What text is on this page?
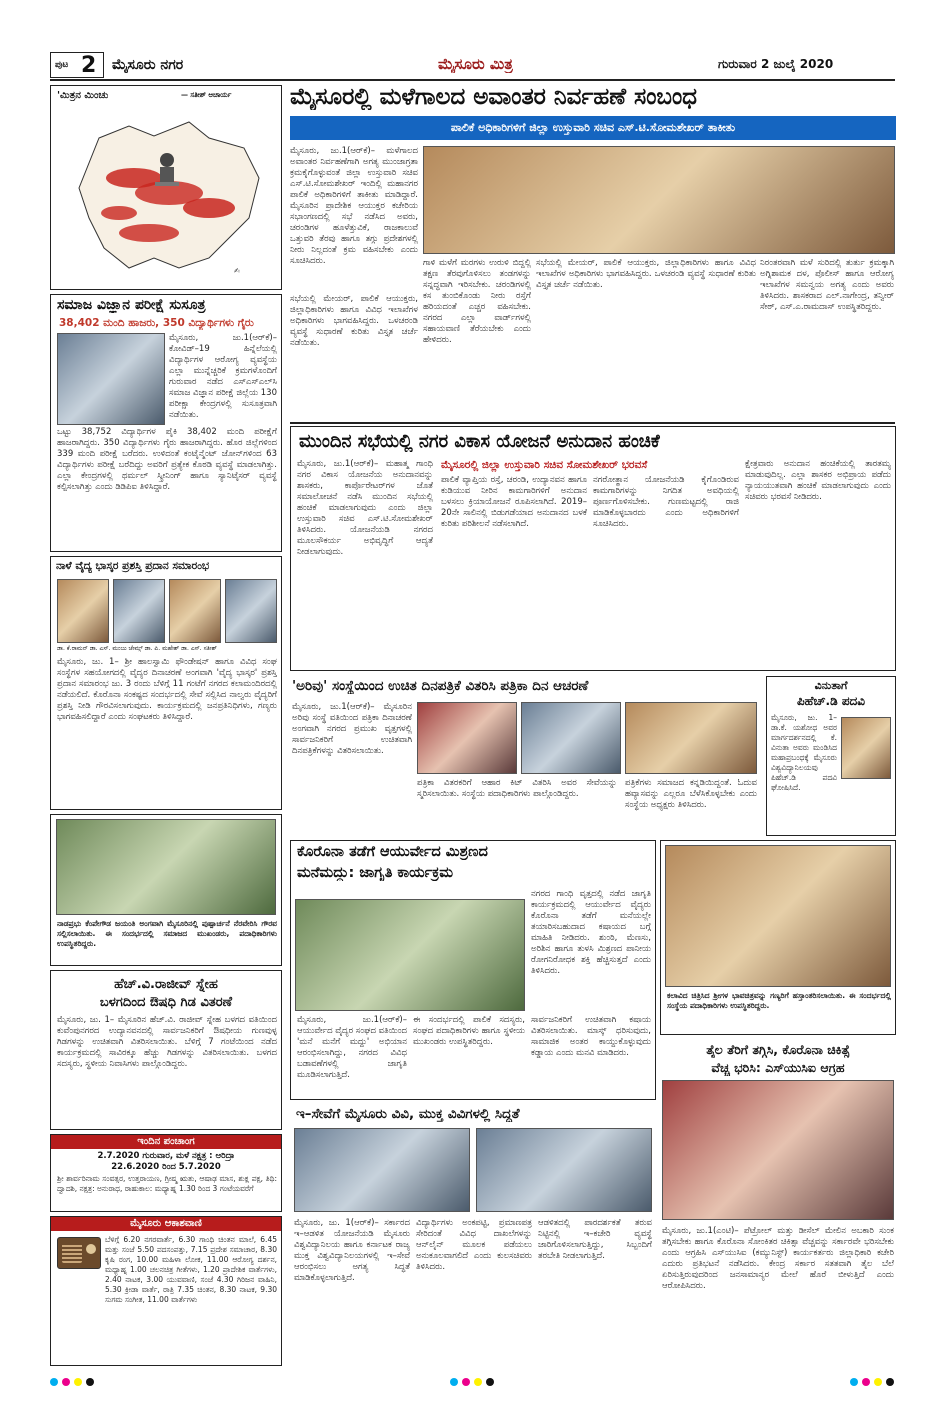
ಪುಟ 2 ಮೈಸೂರು ನಗರ	ಮೈಸೂರು ಮಿತ್ರ	ಗುರುವಾರ 2 ಜುಲೈ 2020
'ಮಿತ್ರನ ಮಿಂಚು	— ಸತೀಶ್ ಆಚಾರ್ಯ
✍
ಸಮಾಜ ವಿಜ್ಞಾನ ಪರೀಕ್ಷೆ ಸುಸೂತ್ರ
38,402 ಮಂದಿ ಹಾಜರು, 350 ವಿದ್ಯಾರ್ಥಿಗಳು ಗೈರು
ಮೈಸೂರು, ಜು.1(ಆರ್‌ಕೆ)– ಕೋವಿಡ್–19 ಹಿನ್ನೆಲೆಯಲ್ಲಿ ವಿದ್ಯಾರ್ಥಿಗಳ ಆರೋಗ್ಯ ವ್ಯವಸ್ಥೆಯ ಎಲ್ಲಾ ಮುನ್ನೆಚ್ಚರಿಕೆ ಕ್ರಮಗಳೊಂದಿಗೆ ಗುರುವಾರ ನಡೆದ ಎಸ್‌ಎಸ್‌ಎಲ್‌ಸಿ ಸಮಾಜ ವಿಜ್ಞಾನ ಪರೀಕ್ಷೆ ಜಿಲ್ಲೆಯ 130 ಪರೀಕ್ಷಾ ಕೇಂದ್ರಗಳಲ್ಲಿ ಸುಸೂತ್ರವಾಗಿ ನಡೆಯಿತು.
ಒಟ್ಟು 38,752 ವಿದ್ಯಾರ್ಥಿಗಳ ಪೈಕಿ 38,402 ಮಂದಿ ಪರೀಕ್ಷೆಗೆ ಹಾಜರಾಗಿದ್ದರು. 350 ವಿದ್ಯಾರ್ಥಿಗಳು ಗೈರು ಹಾಜರಾಗಿದ್ದರು. ಹೊರ ಜಿಲ್ಲೆಗಳಿಂದ 339 ಮಂದಿ ಪರೀಕ್ಷೆ ಬರೆದರು. ಉಳಿದಂತೆ ಕಂಟೈನ್ಮೆಂಟ್ ಜೋನ್‌ಗಳಿಂದ 63 ವಿದ್ಯಾರ್ಥಿಗಳು ಪರೀಕ್ಷೆ ಬರೆದಿದ್ದು ಅವರಿಗೆ ಪ್ರತ್ಯೇಕ ಕೊಠಡಿ ವ್ಯವಸ್ಥೆ ಮಾಡಲಾಗಿತ್ತು. ಎಲ್ಲಾ ಕೇಂದ್ರಗಳಲ್ಲಿ ಥರ್ಮಲ್ ಸ್ಕ್ರೀನಿಂಗ್ ಹಾಗೂ ಸ್ಯಾನಿಟೈಸರ್ ವ್ಯವಸ್ಥೆ ಕಲ್ಪಿಸಲಾಗಿತ್ತು ಎಂದು ಡಿಡಿಪಿಐ ತಿಳಿಸಿದ್ದಾರೆ.
ನಾಳೆ ವೈದ್ಯ ಭಾಸ್ಕರ ಪ್ರಶಸ್ತಿ ಪ್ರದಾನ ಸಮಾರಂಭ
ಡಾ. ಕೆ.ರಾಮನ್ ಡಾ. ಎಸ್. ಮಂಜು ಜೇಮ್ಸ್ ಡಾ. ಪಿ. ಮಹೇಶ್ ಡಾ. ಎಸ್. ಸತೀಶ್
ಮೈಸೂರು, ಜು. 1– ಶ್ರೀ ಹಾಲಸ್ವಾಮಿ ಫೌಂಡೇಷನ್ ಹಾಗೂ ವಿವಿಧ ಸಂಘ ಸಂಸ್ಥೆಗಳ ಸಹಯೋಗದಲ್ಲಿ ವೈದ್ಯರ ದಿನಾಚರಣೆ ಅಂಗವಾಗಿ 'ವೈದ್ಯ ಭಾಸ್ಕರ' ಪ್ರಶಸ್ತಿ ಪ್ರದಾನ ಸಮಾರಂಭ ಜು. 3 ರಂದು ಬೆಳಿಗ್ಗೆ 11 ಗಂಟೆಗೆ ನಗರದ ಕಲಾಮಂದಿರದಲ್ಲಿ ನಡೆಯಲಿದೆ. ಕೊರೊನಾ ಸಂಕಷ್ಟದ ಸಂದರ್ಭದಲ್ಲಿ ಸೇವೆ ಸಲ್ಲಿಸಿದ ನಾಲ್ವರು ವೈದ್ಯರಿಗೆ ಪ್ರಶಸ್ತಿ ನೀಡಿ ಗೌರವಿಸಲಾಗುವುದು. ಕಾರ್ಯಕ್ರಮದಲ್ಲಿ ಜನಪ್ರತಿನಿಧಿಗಳು, ಗಣ್ಯರು ಭಾಗವಹಿಸಲಿದ್ದಾರೆ ಎಂದು ಸಂಘಟಕರು ತಿಳಿಸಿದ್ದಾರೆ.
ನಾಡಪ್ರಭು ಕೆಂಪೇಗೌಡ ಜಯಂತಿ ಅಂಗವಾಗಿ ಮೈಸೂರಿನಲ್ಲಿ ಪುಷ್ಪಾರ್ಚನೆ ನೆರವೇರಿಸಿ ಗೌರವ ಸಲ್ಲಿಸಲಾಯಿತು. ಈ ಸಂದರ್ಭದಲ್ಲಿ ಸಮಾಜದ ಮುಖಂಡರು, ಪದಾಧಿಕಾರಿಗಳು ಉಪಸ್ಥಿತರಿದ್ದರು.
ಹೆಚ್.ವಿ.ರಾಜೀವ್ ಸ್ನೇಹ
ಬಳಗದಿಂದ ಔಷಧಿ ಗಿಡ ವಿತರಣೆ
ಮೈಸೂರು, ಜು. 1– ಮೈಸೂರಿನ ಹೆಚ್.ವಿ. ರಾಜೀವ್ ಸ್ನೇಹ ಬಳಗದ ವತಿಯಿಂದ ಕುವೆಂಪುನಗರದ ಉದ್ಯಾನವನದಲ್ಲಿ ಸಾರ್ವಜನಿಕರಿಗೆ ಔಷಧೀಯ ಗುಣವುಳ್ಳ ಗಿಡಗಳನ್ನು ಉಚಿತವಾಗಿ ವಿತರಿಸಲಾಯಿತು. ಬೆಳಿಗ್ಗೆ 7 ಗಂಟೆಯಿಂದ ನಡೆದ ಕಾರ್ಯಕ್ರಮದಲ್ಲಿ ಸಾವಿರಕ್ಕೂ ಹೆಚ್ಚು ಗಿಡಗಳನ್ನು ವಿತರಿಸಲಾಯಿತು. ಬಳಗದ ಸದಸ್ಯರು, ಸ್ಥಳೀಯ ನಿವಾಸಿಗಳು ಪಾಲ್ಗೊಂಡಿದ್ದರು.
ಇಂದಿನ ಪಂಚಾಂಗ
2.7.2020 ಗುರುವಾರ, ಮಳೆ ನಕ್ಷತ್ರ : ಆರಿದ್ರಾ
22.6.2020 ರಿಂದ 5.7.2020
ಶ್ರೀ ಶಾರ್ವರಿನಾಮ ಸಂವತ್ಸರ, ಉತ್ತರಾಯಣ, ಗ್ರೀಷ್ಮ ಋತು, ಆಷಾಢ ಮಾಸ, ಶುಕ್ಲ ಪಕ್ಷ, ತಿಥಿ: ದ್ವಾದಶಿ, ನಕ್ಷತ್ರ: ಅನುರಾಧ, ರಾಹುಕಾಲ: ಮಧ್ಯಾಹ್ನ 1.30 ರಿಂದ 3 ಗಂಟೆಯವರೆಗೆ
ಮೈಸೂರು ಆಕಾಶವಾಣಿ
ಬೆಳಿಗ್ಗೆ 6.20 ನಗರವಾರ್ತೆ, 6.30 ಗಾಂಧಿ ಚಿಂತನ ಮಾಲೆ, 6.45 ಮತ್ತು ಸಂಜೆ 5.50 ಪದಸಂಪತ್ತು, 7.15 ಪ್ರದೇಶ ಸಮಾಚಾರ, 8.30 ಕೃಷಿ ರಂಗ, 10.00 ಮಹಿಳಾ ಲೋಕ, 11.00 ಆರೋಗ್ಯ ದರ್ಶನ, ಮಧ್ಯಾಹ್ನ 1.00 ಚಲನಚಿತ್ರ ಗೀತೆಗಳು, 1.20 ಪ್ರಾದೇಶಿಕ ವಾರ್ತೆಗಳು, 2.40 ನಾಟಕ, 3.00 ಯುವವಾಣಿ, ಸಂಜೆ 4.30 ಗಿರಿಜನ ವಾಹಿನಿ, 5.30 ಕ್ರೀಡಾ ವಾರ್ತೆ, ರಾತ್ರಿ 7.35 ಚಿಂತನ, 8.30 ನಾಟಕ, 9.30 ಸುಗಮ ಸಂಗೀತ, 11.00 ವಾರ್ತೆಗಳು
ಮೈಸೂರಲ್ಲಿ ಮಳೆಗಾಲದ ಅವಾಂತರ ನಿರ್ವಹಣೆ ಸಂಬಂಧ
ಪಾಲಿಕೆ ಅಧಿಕಾರಿಗಳಿಗೆ ಜಿಲ್ಲಾ ಉಸ್ತುವಾರಿ ಸಚಿವ ಎಸ್.ಟಿ.ಸೋಮಶೇಖರ್ ತಾಕೀತು
ಮೈಸೂರು, ಜು.1(ಆರ್‌ಕೆ)– ಮಳೆಗಾಲದ ಅವಾಂತರ ನಿರ್ವಹಣೆಗಾಗಿ ಅಗತ್ಯ ಮುಂಜಾಗ್ರತಾ ಕ್ರಮಕೈಗೊಳ್ಳುವಂತೆ ಜಿಲ್ಲಾ ಉಸ್ತುವಾರಿ ಸಚಿವ ಎಸ್.ಟಿ.ಸೋಮಶೇಖರ್ ಇಂದಿಲ್ಲಿ ಮಹಾನಗರ ಪಾಲಿಕೆ ಅಧಿಕಾರಿಗಳಿಗೆ ತಾಕೀತು ಮಾಡಿದ್ದಾರೆ. ಮೈಸೂರಿನ ಪ್ರಾದೇಶಿಕ ಆಯುಕ್ತರ ಕಚೇರಿಯ ಸಭಾಂಗಣದಲ್ಲಿ ಸಭೆ ನಡೆಸಿದ ಅವರು, ಚರಂಡಿಗಳ ಹೂಳೆತ್ತುವಿಕೆ, ರಾಜಕಾಲುವೆ ಒತ್ತುವರಿ ತೆರವು ಹಾಗೂ ತಗ್ಗು ಪ್ರದೇಶಗಳಲ್ಲಿ ನೀರು ನಿಲ್ಲದಂತೆ ಕ್ರಮ ವಹಿಸಬೇಕು ಎಂದು ಸೂಚಿಸಿದರು.	ಗಾಳಿ ಮಳೆಗೆ ಮರಗಳು ಉರುಳಿ ಬಿದ್ದಲ್ಲಿ ತಕ್ಷಣ ತೆರವುಗೊಳಿಸಲು ತಂಡಗಳನ್ನು ಸನ್ನದ್ಧವಾಗಿ ಇರಿಸಬೇಕು. ಚರಂಡಿಗಳಲ್ಲಿ ಕಸ ತುಂಬಿಕೊಂಡು ನೀರು ರಸ್ತೆಗೆ ಹರಿಯದಂತೆ ಎಚ್ಚರ ವಹಿಸಬೇಕು. ನಗರದ ಎಲ್ಲಾ ವಾರ್ಡ್‌ಗಳಲ್ಲಿ ಸಹಾಯವಾಣಿ ತೆರೆಯಬೇಕು ಎಂದು ಹೇಳಿದರು.
ಸಭೆಯಲ್ಲಿ ಮೇಯರ್, ಪಾಲಿಕೆ ಆಯುಕ್ತರು, ಜಿಲ್ಲಾಧಿಕಾರಿಗಳು ಹಾಗೂ ವಿವಿಧ ಇಲಾಖೆಗಳ ಅಧಿಕಾರಿಗಳು ಭಾಗವಹಿಸಿದ್ದರು. ಒಳಚರಂಡಿ ವ್ಯವಸ್ಥೆ ಸುಧಾರಣೆ ಕುರಿತು ವಿಸ್ತೃತ ಚರ್ಚೆ ನಡೆಯಿತು.
ನಿರಂತರವಾಗಿ ಮಳೆ ಸುರಿದಲ್ಲಿ ತುರ್ತು ಕ್ರಮಕ್ಕಾಗಿ ಅಗ್ನಿಶಾಮಕ ದಳ, ಪೊಲೀಸ್ ಹಾಗೂ ಆರೋಗ್ಯ ಇಲಾಖೆಗಳ ಸಮನ್ವಯ ಅಗತ್ಯ ಎಂದು ಅವರು ತಿಳಿಸಿದರು. ಶಾಸಕರಾದ ಎಲ್.ನಾಗೇಂದ್ರ, ತನ್ವೀರ್ ಸೇಠ್, ಎಸ್.ಎ.ರಾಮದಾಸ್ ಉಪಸ್ಥಿತರಿದ್ದರು.
ಸಭೆಯಲ್ಲಿ ಮೇಯರ್, ಪಾಲಿಕೆ ಆಯುಕ್ತರು, ಜಿಲ್ಲಾಧಿಕಾರಿಗಳು ಹಾಗೂ ವಿವಿಧ ಇಲಾಖೆಗಳ ಅಧಿಕಾರಿಗಳು ಭಾಗವಹಿಸಿದ್ದರು. ಒಳಚರಂಡಿ ವ್ಯವಸ್ಥೆ ಸುಧಾರಣೆ ಕುರಿತು ವಿಸ್ತೃತ ಚರ್ಚೆ ನಡೆಯಿತು.
ಮುಂದಿನ ಸಭೆಯಲ್ಲಿ ನಗರ ವಿಕಾಸ ಯೋಜನೆ ಅನುದಾನ ಹಂಚಿಕೆ
ಮೈಸೂರು, ಜು.1(ಆರ್‌ಕೆ)– ಮಹಾತ್ಮ ಗಾಂಧಿ ನಗರ ವಿಕಾಸ ಯೋಜನೆಯ ಅನುದಾನವನ್ನು ಶಾಸಕರು, ಕಾರ್ಪೊರೇಟರ್‌ಗಳ ಜೊತೆ ಸಮಾಲೋಚನೆ ನಡೆಸಿ ಮುಂದಿನ ಸಭೆಯಲ್ಲಿ ಹಂಚಿಕೆ ಮಾಡಲಾಗುವುದು ಎಂದು ಜಿಲ್ಲಾ ಉಸ್ತುವಾರಿ ಸಚಿವ ಎಸ್.ಟಿ.ಸೋಮಶೇಖರ್ ತಿಳಿಸಿದರು. ಯೋಜನೆಯಡಿ ನಗರದ ಮೂಲಸೌಕರ್ಯ ಅಭಿವೃದ್ಧಿಗೆ ಆದ್ಯತೆ ನೀಡಲಾಗುವುದು.
ಮೈಸೂರಲ್ಲಿ ಜಿಲ್ಲಾ ಉಸ್ತುವಾರಿ ಸಚಿವ ಸೋಮಶೇಖರ್ ಭರವಸೆ
ಪಾಲಿಕೆ ವ್ಯಾಪ್ತಿಯ ರಸ್ತೆ, ಚರಂಡಿ, ಉದ್ಯಾನವನ ಹಾಗೂ ಕುಡಿಯುವ ನೀರಿನ ಕಾಮಗಾರಿಗಳಿಗೆ ಅನುದಾನ ಬಳಸಲು ಕ್ರಿಯಾಯೋಜನೆ ರೂಪಿಸಲಾಗಿದೆ. 2019–20ನೇ ಸಾಲಿನಲ್ಲಿ ಬಿಡುಗಡೆಯಾದ ಅನುದಾನದ ಬಳಕೆ ಕುರಿತು ಪರಿಶೀಲನೆ ನಡೆಸಲಾಗಿದೆ.
ನಗರೋತ್ಥಾನ ಯೋಜನೆಯಡಿ ಕೈಗೊಂಡಿರುವ ಕಾಮಗಾರಿಗಳನ್ನು ನಿಗದಿತ ಅವಧಿಯಲ್ಲಿ ಪೂರ್ಣಗೊಳಿಸಬೇಕು. ಗುಣಮಟ್ಟದಲ್ಲಿ ರಾಜಿ ಮಾಡಿಕೊಳ್ಳಬಾರದು ಎಂದು ಅಧಿಕಾರಿಗಳಿಗೆ ಸೂಚಿಸಿದರು.
ಕ್ಷೇತ್ರವಾರು ಅನುದಾನ ಹಂಚಿಕೆಯಲ್ಲಿ ತಾರತಮ್ಯ ಮಾಡುವುದಿಲ್ಲ. ಎಲ್ಲಾ ಶಾಸಕರ ಅಭಿಪ್ರಾಯ ಪಡೆದು ನ್ಯಾಯಯುತವಾಗಿ ಹಂಚಿಕೆ ಮಾಡಲಾಗುವುದು ಎಂದು ಸಚಿವರು ಭರವಸೆ ನೀಡಿದರು.
'ಅರಿವು' ಸಂಸ್ಥೆಯಿಂದ ಉಚಿತ ದಿನಪತ್ರಿಕೆ ವಿತರಿಸಿ ಪತ್ರಿಕಾ ದಿನ ಆಚರಣೆ
ಮೈಸೂರು, ಜು.1(ಆರ್‌ಕೆ)– ಮೈಸೂರಿನ ಅರಿವು ಸಂಸ್ಥೆ ವತಿಯಿಂದ ಪತ್ರಿಕಾ ದಿನಾಚರಣೆ ಅಂಗವಾಗಿ ನಗರದ ಪ್ರಮುಖ ವೃತ್ತಗಳಲ್ಲಿ ಸಾರ್ವಜನಿಕರಿಗೆ ಉಚಿತವಾಗಿ ದಿನಪತ್ರಿಕೆಗಳನ್ನು ವಿತರಿಸಲಾಯಿತು.
ಪತ್ರಿಕಾ ವಿತರಕರಿಗೆ ಆಹಾರ ಕಿಟ್ ವಿತರಿಸಿ ಅವರ ಸೇವೆಯನ್ನು ಸ್ಮರಿಸಲಾಯಿತು. ಸಂಸ್ಥೆಯ ಪದಾಧಿಕಾರಿಗಳು ಪಾಲ್ಗೊಂಡಿದ್ದರು.
ಪತ್ರಿಕೆಗಳು ಸಮಾಜದ ಕನ್ನಡಿಯಿದ್ದಂತೆ. ಓದುವ ಹವ್ಯಾಸವನ್ನು ಎಲ್ಲರೂ ಬೆಳೆಸಿಕೊಳ್ಳಬೇಕು ಎಂದು ಸಂಸ್ಥೆಯ ಅಧ್ಯಕ್ಷರು ತಿಳಿಸಿದರು.
ವಿನುತಾಗೆ
ಪಿಹೆಚ್.ಡಿ ಪದವಿ
ಮೈಸೂರು, ಜು. 1– ಡಾ.ಕೆ. ಯಶೋಧ ಅವರ ಮಾರ್ಗದರ್ಶನದಲ್ಲಿ ಕೆ. ವಿನುತಾ ಅವರು ಮಂಡಿಸಿದ ಮಹಾಪ್ರಬಂಧಕ್ಕೆ ಮೈಸೂರು ವಿಶ್ವವಿದ್ಯಾನಿಲಯವು ಪಿಹೆಚ್.ಡಿ ಪದವಿ ಘೋಷಿಸಿದೆ.
ಕೊರೊನಾ ತಡೆಗೆ ಆಯುರ್ವೇದ ಮಿಶ್ರಣದ
ಮನೆಮದ್ದು: ಜಾಗೃತಿ ಕಾರ್ಯಕ್ರಮ
ನಗರದ ಗಾಂಧಿ ವೃತ್ತದಲ್ಲಿ ನಡೆದ ಜಾಗೃತಿ ಕಾರ್ಯಕ್ರಮದಲ್ಲಿ ಆಯುರ್ವೇದ ವೈದ್ಯರು ಕೊರೊನಾ ತಡೆಗೆ ಮನೆಯಲ್ಲೇ ತಯಾರಿಸಬಹುದಾದ ಕಷಾಯದ ಬಗ್ಗೆ ಮಾಹಿತಿ ನೀಡಿದರು. ಶುಂಠಿ, ಮೆಣಸು, ಅರಿಶಿನ ಹಾಗೂ ತುಳಸಿ ಮಿಶ್ರಣದ ಪಾನೀಯ ರೋಗನಿರೋಧಕ ಶಕ್ತಿ ಹೆಚ್ಚಿಸುತ್ತದೆ ಎಂದು ತಿಳಿಸಿದರು.
ಮೈಸೂರು, ಜು.1(ಆರ್‌ಕೆ)– ಆಯುರ್ವೇದ ವೈದ್ಯರ ಸಂಘದ ವತಿಯಿಂದ 'ಮನೆ ಮನೆಗೆ ಮದ್ದು' ಅಭಿಯಾನ ಆರಂಭಿಸಲಾಗಿದ್ದು, ನಗರದ ವಿವಿಧ ಬಡಾವಣೆಗಳಲ್ಲಿ ಜಾಗೃತಿ ಮೂಡಿಸಲಾಗುತ್ತಿದೆ.
ಈ ಸಂದರ್ಭದಲ್ಲಿ ಪಾಲಿಕೆ ಸದಸ್ಯರು, ಸಂಘದ ಪದಾಧಿಕಾರಿಗಳು ಹಾಗೂ ಸ್ಥಳೀಯ ಮುಖಂಡರು ಉಪಸ್ಥಿತರಿದ್ದರು.
ಸಾರ್ವಜನಿಕರಿಗೆ ಉಚಿತವಾಗಿ ಕಷಾಯ ವಿತರಿಸಲಾಯಿತು. ಮಾಸ್ಕ್ ಧರಿಸುವುದು, ಸಾಮಾಜಿಕ ಅಂತರ ಕಾಯ್ದುಕೊಳ್ಳುವುದು ಕಡ್ಡಾಯ ಎಂದು ಮನವಿ ಮಾಡಿದರು.
ಕಲಾವಿದ ಚಿತ್ರಿಸಿದ ಶ್ರೀಗಳ ಭಾವಚಿತ್ರವನ್ನು ಗಣ್ಯರಿಗೆ ಹಸ್ತಾಂತರಿಸಲಾಯಿತು. ಈ ಸಂದರ್ಭದಲ್ಲಿ ಸಂಸ್ಥೆಯ ಪದಾಧಿಕಾರಿಗಳು ಉಪಸ್ಥಿತರಿದ್ದರು.
ತೈಲ ತೆರಿಗೆ ತಗ್ಗಿಸಿ, ಕೊರೊನಾ ಚಿಕಿತ್ಸೆ
ವೆಚ್ಚ ಭರಿಸಿ: ಎಸ್‌ಯುಸಿಐ ಆಗ್ರಹ
ಮೈಸೂರು, ಜು.1(ಎಂಟಿ)– ಪೆಟ್ರೋಲ್ ಮತ್ತು ಡೀಸೆಲ್ ಮೇಲಿನ ಅಬಕಾರಿ ಸುಂಕ ತಗ್ಗಿಸಬೇಕು ಹಾಗೂ ಕೊರೊನಾ ಸೋಂಕಿತರ ಚಿಕಿತ್ಸಾ ವೆಚ್ಚವನ್ನು ಸರ್ಕಾರವೇ ಭರಿಸಬೇಕು ಎಂದು ಆಗ್ರಹಿಸಿ ಎಸ್‌ಯುಸಿಐ (ಕಮ್ಯುನಿಸ್ಟ್) ಕಾರ್ಯಕರ್ತರು ಜಿಲ್ಲಾಧಿಕಾರಿ ಕಚೇರಿ ಎದುರು ಪ್ರತಿಭಟನೆ ನಡೆಸಿದರು. ಕೇಂದ್ರ ಸರ್ಕಾರ ಸತತವಾಗಿ ತೈಲ ಬೆಲೆ ಏರಿಸುತ್ತಿರುವುದರಿಂದ ಜನಸಾಮಾನ್ಯರ ಮೇಲೆ ಹೊರೆ ಬೀಳುತ್ತಿದೆ ಎಂದು ಆರೋಪಿಸಿದರು.
ಇ–ಸೇವೆಗೆ ಮೈಸೂರು ವಿವಿ, ಮುಕ್ತ ವಿವಿಗಳಲ್ಲಿ ಸಿದ್ಧತೆ
ಮೈಸೂರು, ಜು. 1(ಆರ್‌ಕೆ)– ಸರ್ಕಾರದ ಇ–ಆಡಳಿತ ಯೋಜನೆಯಡಿ ಮೈಸೂರು ವಿಶ್ವವಿದ್ಯಾನಿಲಯ ಹಾಗೂ ಕರ್ನಾಟಕ ರಾಜ್ಯ ಮುಕ್ತ ವಿಶ್ವವಿದ್ಯಾನಿಲಯಗಳಲ್ಲಿ ಇ–ಸೇವೆ ಆರಂಭಿಸಲು ಅಗತ್ಯ ಸಿದ್ಧತೆ ಮಾಡಿಕೊಳ್ಳಲಾಗುತ್ತಿದೆ.
ವಿದ್ಯಾರ್ಥಿಗಳು ಅಂಕಪಟ್ಟಿ, ಪ್ರಮಾಣಪತ್ರ ಸೇರಿದಂತೆ ವಿವಿಧ ದಾಖಲೆಗಳನ್ನು ಆನ್‌ಲೈನ್ ಮೂಲಕ ಪಡೆಯಲು ಅನುಕೂಲವಾಗಲಿದೆ ಎಂದು ಕುಲಸಚಿವರು ತಿಳಿಸಿದರು.
ಆಡಳಿತದಲ್ಲಿ ಪಾರದರ್ಶಕತೆ ತರುವ ನಿಟ್ಟಿನಲ್ಲಿ ಇ–ಕಚೇರಿ ವ್ಯವಸ್ಥೆ ಜಾರಿಗೊಳಿಸಲಾಗುತ್ತಿದ್ದು, ಸಿಬ್ಬಂದಿಗೆ ತರಬೇತಿ ನೀಡಲಾಗುತ್ತಿದೆ.
